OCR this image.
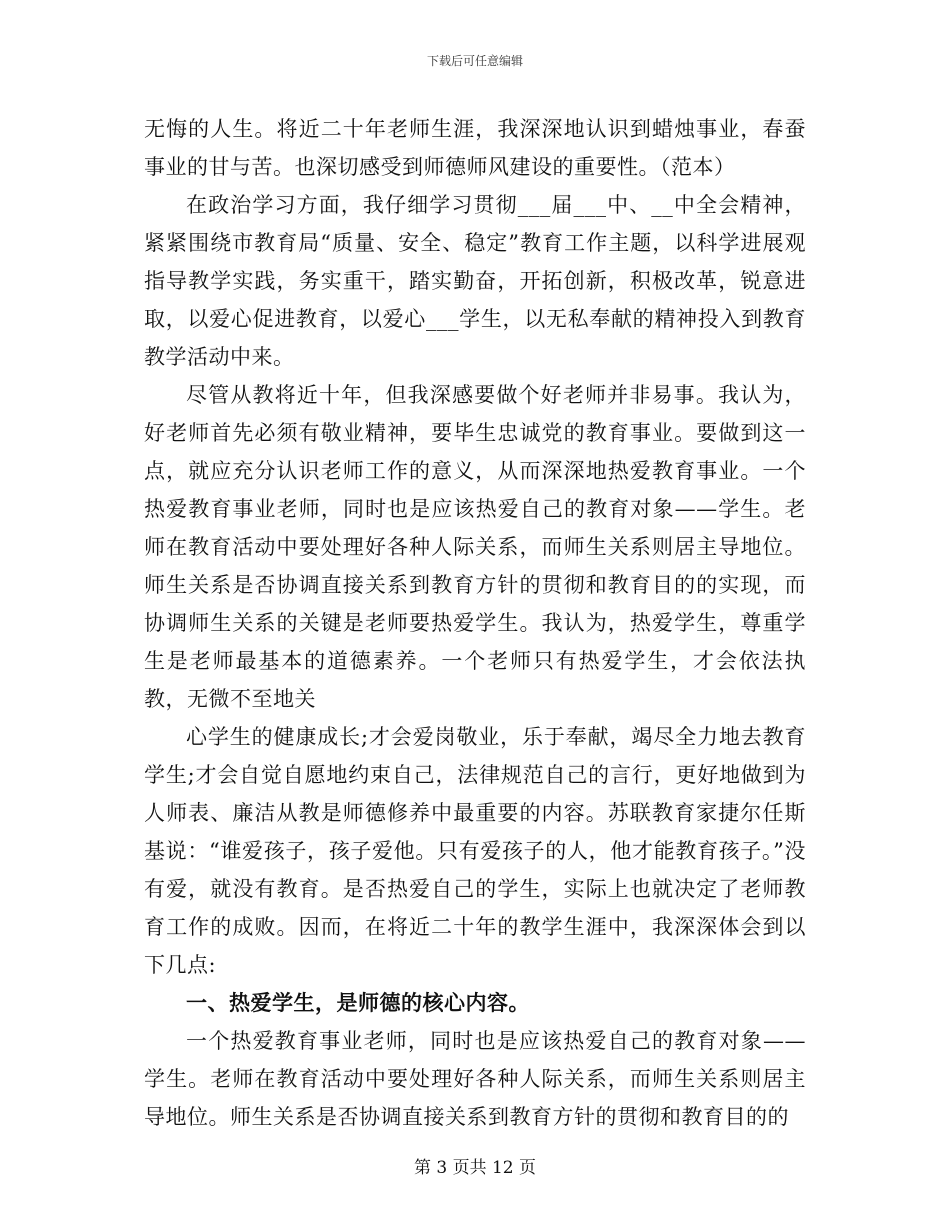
下载后可任意编辑

无悔的人生。将近二十年老师生涯，我深深地认识到蜡烛事业，春蚕事业的甘与苦。也深切感受到师德师风建设的重要性。（范本）

在政治学习方面，我仔细学习贯彻___届___中、__中全会精神，紧紧围绕市教育局“质量、安全、稳定”教育工作主题，以科学进展观指导教学实践，务实重干，踏实勤奋，开拓创新，积极改革，锐意进取，以爱心促进教育，以爱心___学生，以无私奉献的精神投入到教育教学活动中来。

尽管从教将近十年，但我深感要做个好老师并非易事。我认为，好老师首先必须有敬业精神，要毕生忠诚党的教育事业。要做到这一点，就应充分认识老师工作的意义，从而深深地热爱教育事业。一个热爱教育事业老师，同时也是应该热爱自己的教育对象——学生。老师在教育活动中要处理好各种人际关系，而师生关系则居主导地位。师生关系是否协调直接关系到教育方针的贯彻和教育目的的实现，而协调师生关系的关键是老师要热爱学生。我认为，热爱学生，尊重学生是老师最基本的道德素养。一个老师只有热爱学生，才会依法执教，无微不至地关

心学生的健康成长;才会爱岗敬业，乐于奉献，竭尽全力地去教育学生;才会自觉自愿地约束自己，法律规范自己的言行，更好地做到为人师表、廉洁从教是师德修养中最重要的内容。苏联教育家捷尔任斯基说：“谁爱孩子，孩子爱他。只有爱孩子的人，他才能教育孩子。”没有爱，就没有教育。是否热爱自己的学生，实际上也就决定了老师教育工作的成败。因而，在将近二十年的教学生涯中，我深深体会到以下几点:

一、热爱学生，是师德的核心内容。

一个热爱教育事业老师，同时也是应该热爱自己的教育对象——学生。老师在教育活动中要处理好各种人际关系，而师生关系则居主导地位。师生关系是否协调直接关系到教育方针的贯彻和教育目的的

第 3 页共 12 页
